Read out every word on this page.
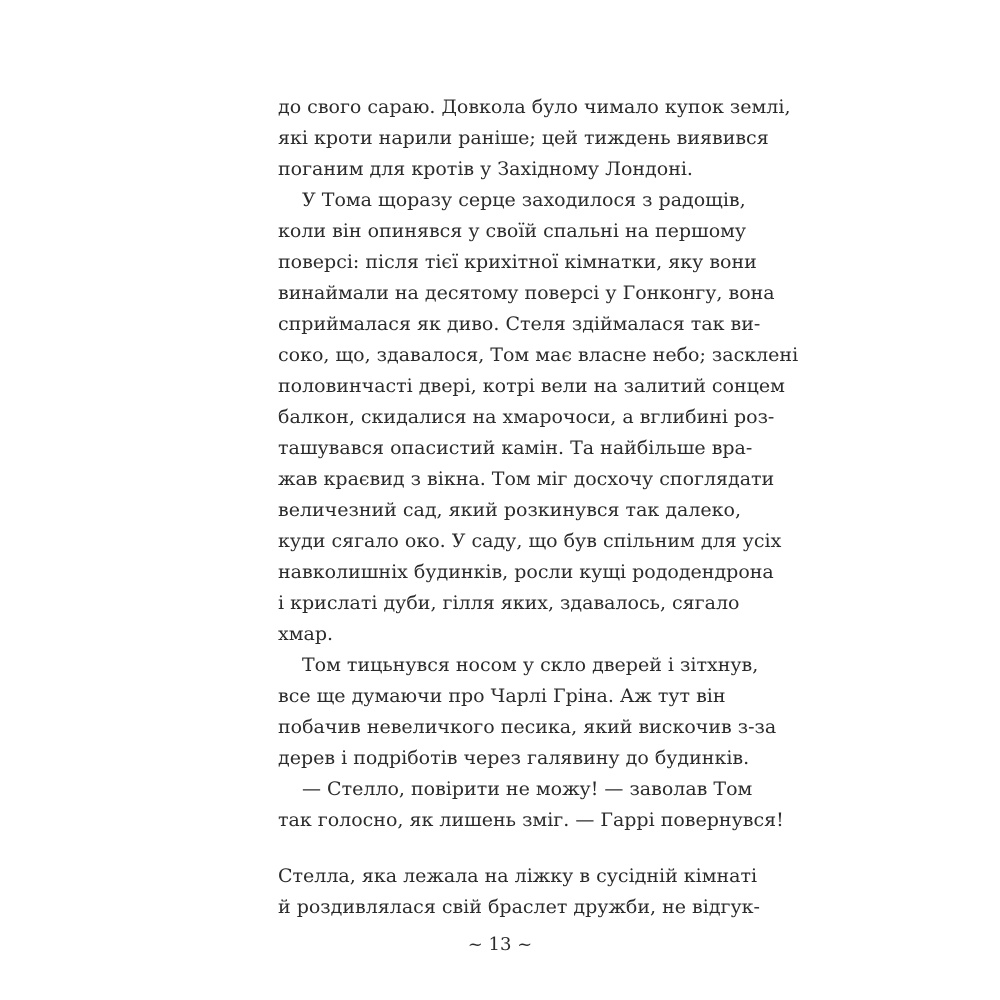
до свого сараю. Довкола було чимало купок землі,
які кроти нарили раніше; цей тиждень виявився
поганим для кротів у Західному Лондоні.
У Тома щоразу серце заходилося з радощів,
коли він опинявся у своїй спальні на першому
поверсі: після тієї крихітної кімнатки, яку вони
винаймали на десятому поверсі у Гонконгу, вона
сприймалася як диво. Стеля здіймалася так ви-
соко, що, здавалося, Том має власне небо; засклені
половинчасті двері, котрі вели на залитий сонцем
балкон, скидалися на хмарочоси, а вглибині роз-
ташувався опасистий камін. Та найбільше вра-
жав краєвид з вікна. Том міг досхочу споглядати
величезний сад, який розкинувся так далеко,
куди сягало око. У саду, що був спільним для усіх
навколишніх будинків, росли кущі рододендрона
і крислаті дуби, гілля яких, здавалось, сягало
хмар.
Том тицьнувся носом у скло дверей і зітхнув,
все ще думаючи про Чарлі Гріна. Аж тут він
побачив невеличкого песика, який вискочив з-за
дерев і подріботів через галявину до будинків.
— Стелло, повірити не можу! — заволав Том
так голосно, як лишень зміг. — Гаррі повернувся!
Стелла, яка лежала на ліжку в сусідній кімнаті
й роздивлялася свій браслет дружби, не відгук-
~ 13 ~
